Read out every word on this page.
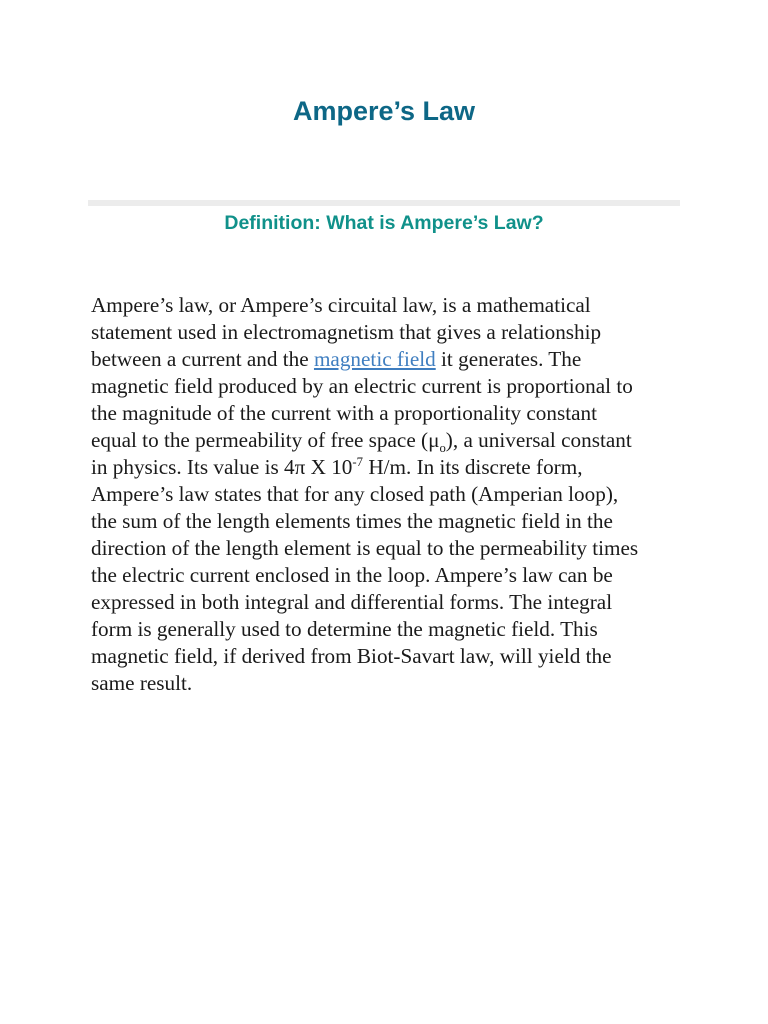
Ampere’s Law
Definition: What is Ampere’s Law?

Ampere’s law, or Ampere’s circuital law, is a mathematical
statement used in electromagnetism that gives a relationship
between a current and the magnetic field it generates. The
magnetic field produced by an electric current is proportional to
the magnitude of the current with a proportionality constant
equal to the permeability of free space $(\mu_o)$, a universal constant
in physics. Its value is 4π X $10^{-7}$ H/m. In its discrete form,
Ampere’s law states that for any closed path (Amperian loop),
the sum of the length elements times the magnetic field in the
direction of the length element is equal to the permeability times
the electric current enclosed in the loop. Ampere’s law can be
expressed in both integral and differential forms. The integral
form is generally used to determine the magnetic field. This
magnetic field, if derived from Biot-Savart law, will yield the
same result.
